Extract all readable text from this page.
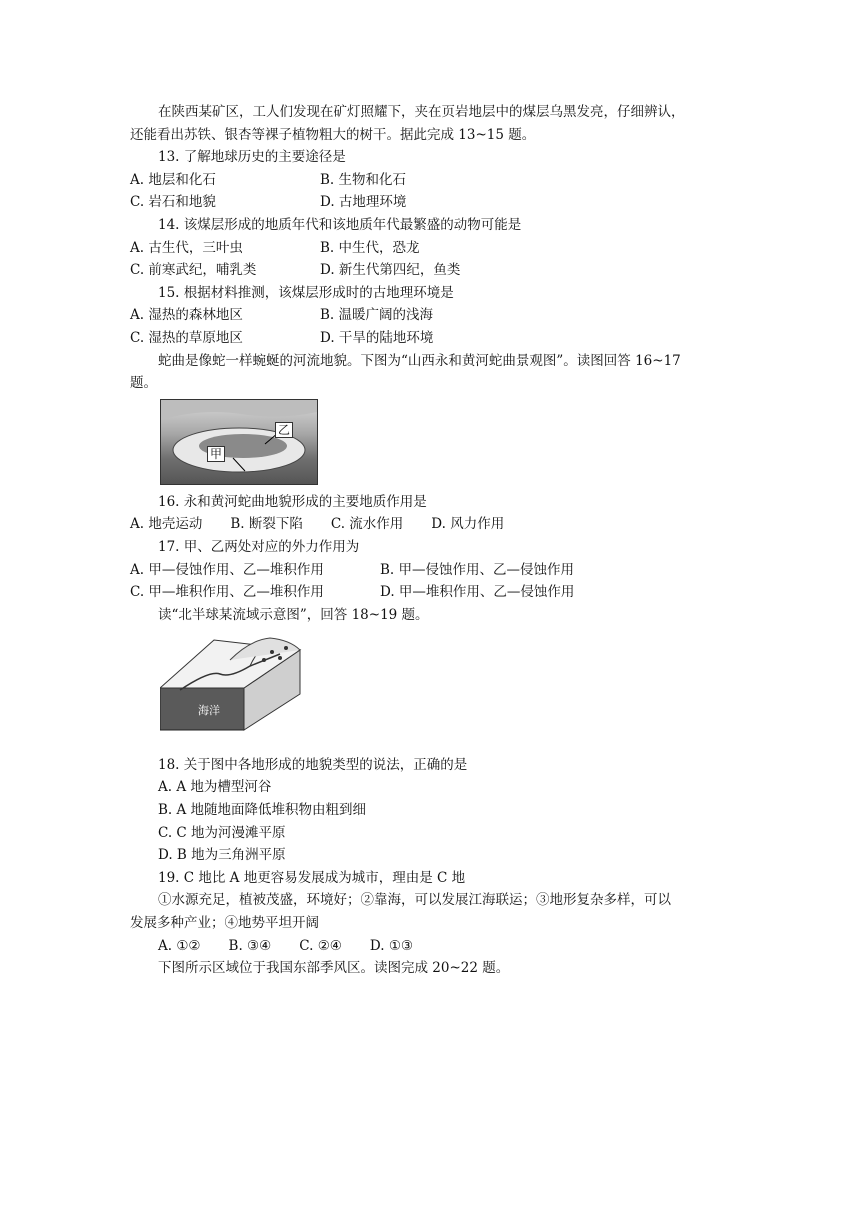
在陕西某矿区，工人们发现在矿灯照耀下，夹在页岩地层中的煤层乌黑发亮，仔细辨认，

还能看出苏铁、银杏等裸子植物粗大的树干。据此完成 13~15 题。

13. 了解地球历史的主要途径是

A. 地层和化石	B. 生物和化石
C. 岩石和地貌	D. 古地理环境

14. 该煤层形成的地质年代和该地质年代最繁盛的动物可能是

A. 古生代，三叶虫	B. 中生代，恐龙
C. 前寒武纪，哺乳类	D. 新生代第四纪，鱼类

15. 根据材料推测，该煤层形成时的古地理环境是

A. 湿热的森林地区	B. 温暖广阔的浅海
C. 湿热的草原地区	D. 干旱的陆地环境

蛇曲是像蛇一样蜿蜒的河流地貌。下图为“山西永和黄河蛇曲景观图”。读图回答 16~17

题。

乙
甲

16. 永和黄河蛇曲地貌形成的主要地质作用是

A. 地壳运动 B. 断裂下陷 C. 流水作用 D. 风力作用

17. 甲、乙两处对应的外力作用为

A. 甲—侵蚀作用、乙—堆积作用	B. 甲—侵蚀作用、乙—侵蚀作用
C. 甲—堆积作用、乙—堆积作用	D. 甲—堆积作用、乙—侵蚀作用

读“北半球某流域示意图”，回答 18~19 题。

海洋

18. 关于图中各地形成的地貌类型的说法，正确的是

A. A 地为槽型河谷

B. A 地随地面降低堆积物由粗到细

C. C 地为河漫滩平原

D. B 地为三角洲平原

19. C 地比 A 地更容易发展成为城市，理由是 C 地

①水源充足，植被茂盛，环境好；②靠海，可以发展江海联运；③地形复杂多样，可以

发展多种产业；④地势平坦开阔

A. ①② B. ③④ C. ②④ D. ①③

下图所示区域位于我国东部季风区。读图完成 20~22 题。
